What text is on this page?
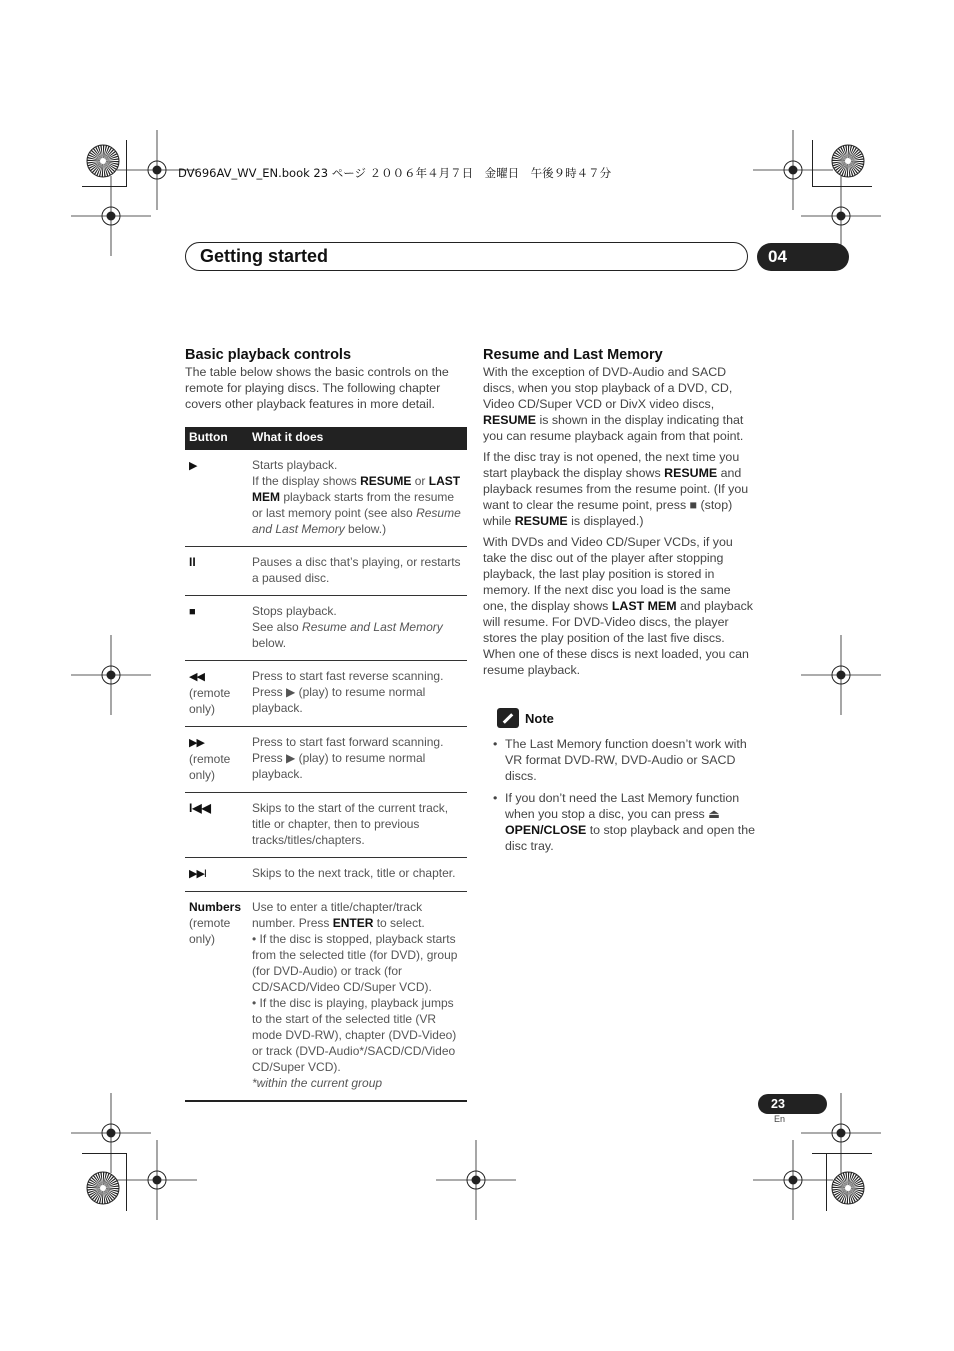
DV696AV_WV_EN.book 23 ページ ２００６年４月７日　金曜日　午後９時４７分
Getting started	04
Basic playback controls

The table below shows the basic controls on the remote for playing discs. The following chapter covers other playback features in more detail.

Button	What it does
▶	Starts playback.
If the display shows RESUME or LAST MEM playback starts from the resume or last memory point (see also Resume and Last Memory below.)
II	Pauses a disc that’s playing, or restarts a paused disc.
■	Stops playback.
See also Resume and Last Memory below.
◀◀
(remote only)	Press to start fast reverse scanning. Press ▶ (play) to resume normal playback.
▶▶
(remote only)	Press to start fast forward scanning. Press ▶ (play) to resume normal playback.
I◀◀	Skips to the start of the current track, title or chapter, then to previous tracks/titles/chapters.
▶▶I	Skips to the next track, title or chapter.
Numbers
(remote only)	Use to enter a title/chapter/track number. Press ENTER to select.
• If the disc is stopped, playback starts from the selected title (for DVD), group (for DVD-Audio) or track (for CD/SACD/Video CD/Super VCD).
• If the disc is playing, playback jumps to the start of the selected title (VR mode DVD-RW), chapter (DVD-Video) or track (DVD-Audio*/SACD/CD/Video CD/Super VCD).
*within the current group
Resume and Last Memory

With the exception of DVD-Audio and SACD discs, when you stop playback of a DVD, CD, Video CD/Super VCD or DivX video discs, RESUME is shown in the display indicating that you can resume playback again from that point.

If the disc tray is not opened, the next time you start playback the display shows RESUME and playback resumes from the resume point. (If you want to clear the resume point, press ■ (stop) while RESUME is displayed.)

With DVDs and Video CD/Super VCDs, if you take the disc out of the player after stopping playback, the last play position is stored in memory. If the next disc you load is the same one, the display shows LAST MEM and playback will resume. For DVD-Video discs, the player stores the play position of the last five discs. When one of these discs is next loaded, you can resume playback.

Note
• The Last Memory function doesn’t work with VR format DVD-RW, DVD-Audio or SACD discs.
• If you don’t need the Last Memory function when you stop a disc, you can press ⏏ OPEN/CLOSE to stop playback and open the disc tray.
23
En
